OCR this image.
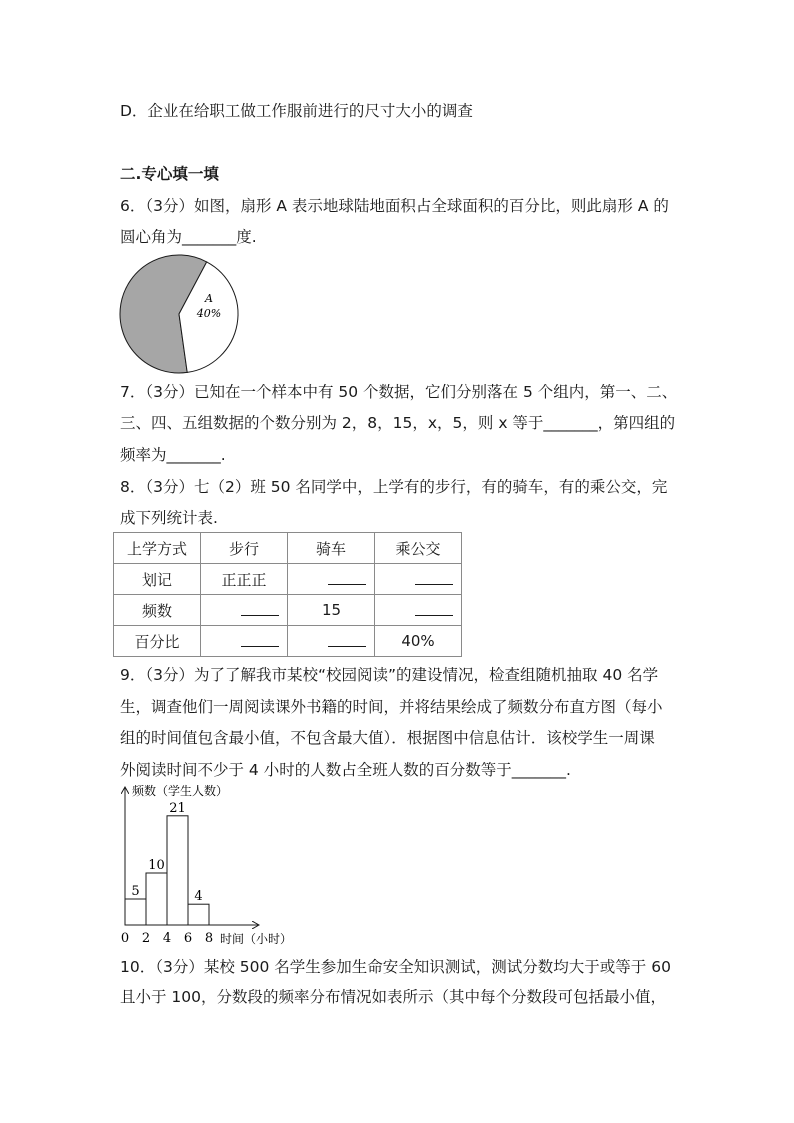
D．企业在给职工做工作服前进行的尺寸大小的调查
二.专心填一填
6．（3分）如图，扇形 A 表示地球陆地面积占全球面积的百分比，则此扇形 A 的
圆心角为_______度.
A
40%
7．（3分）已知在一个样本中有 50 个数据，它们分别落在 5 个组内，第一、二、
三、四、五组数据的个数分别为 2，8，15，x，5，则 x 等于_______，第四组的
频率为_______.
8．（3分）七（2）班 50 名同学中，上学有的步行，有的骑车，有的乘公交，完
成下列统计表.
上学方式	步行	骑车	乘公交
划记	正正正		
频数		15	
百分比			40%
9．（3分）为了了解我市某校“校园阅读”的建设情况，检查组随机抽取 40 名学
生，调查他们一周阅读课外书籍的时间，并将结果绘成了频数分布直方图（每小
组的时间值包含最小值，不包含最大值）．根据图中信息估计．该校学生一周课
外阅读时间不少于 4 小时的人数占全班人数的百分数等于_______.
频数（学生人数）
时间（小时）
5
10
21
4
0 2 4 6 8
10．（3分）某校 500 名学生参加生命安全知识测试，测试分数均大于或等于 60
且小于 100，分数段的频率分布情况如表所示（其中每个分数段可包括最小值，
